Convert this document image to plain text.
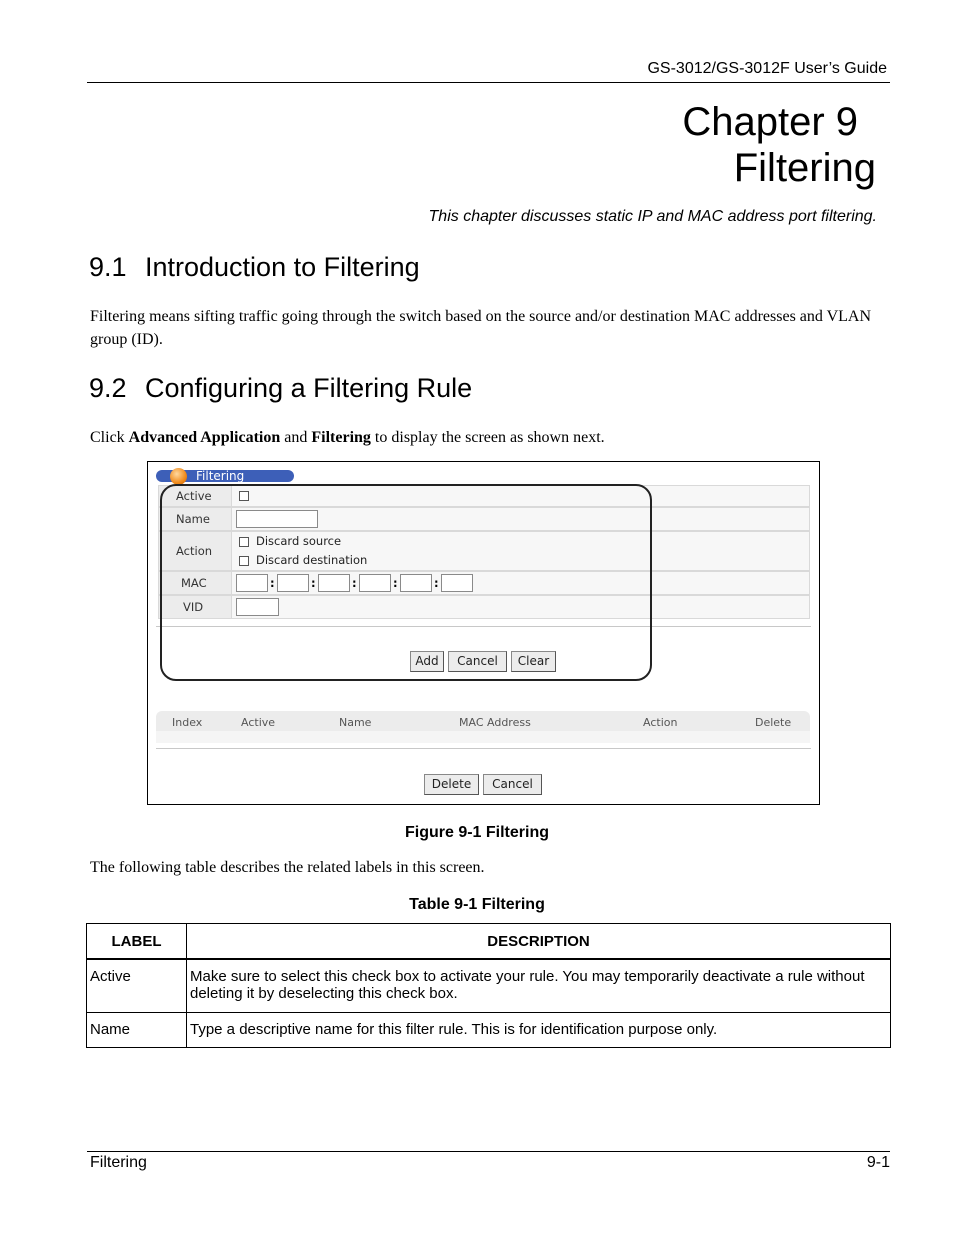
GS-3012/GS-3012F User’s Guide
Chapter 9
Filtering
This chapter discusses static IP and MAC address port filtering.
9.1 Introduction to Filtering
Filtering means sifting traffic going through the switch based on the source and/or destination MAC addresses and VLAN group (ID).
9.2 Configuring a Filtering Rule
Click Advanced Application and Filtering to display the screen as shown next.
Filtering
Active
Name
Action
Discard source
Discard destination
MAC	:	:	:	:	:
VID
Add	Cancel	Clear
Index	Active	Name	MAC Address	Action	Delete
Delete	Cancel
Figure 9-1 Filtering
The following table describes the related labels in this screen.
Table 9-1 Filtering
LABEL	DESCRIPTION
Active	Make sure to select this check box to activate your rule. You may temporarily deactivate a rule without deleting it by deselecting this check box.
Name	Type a descriptive name for this filter rule. This is for identification purpose only.
Filtering	9-1
